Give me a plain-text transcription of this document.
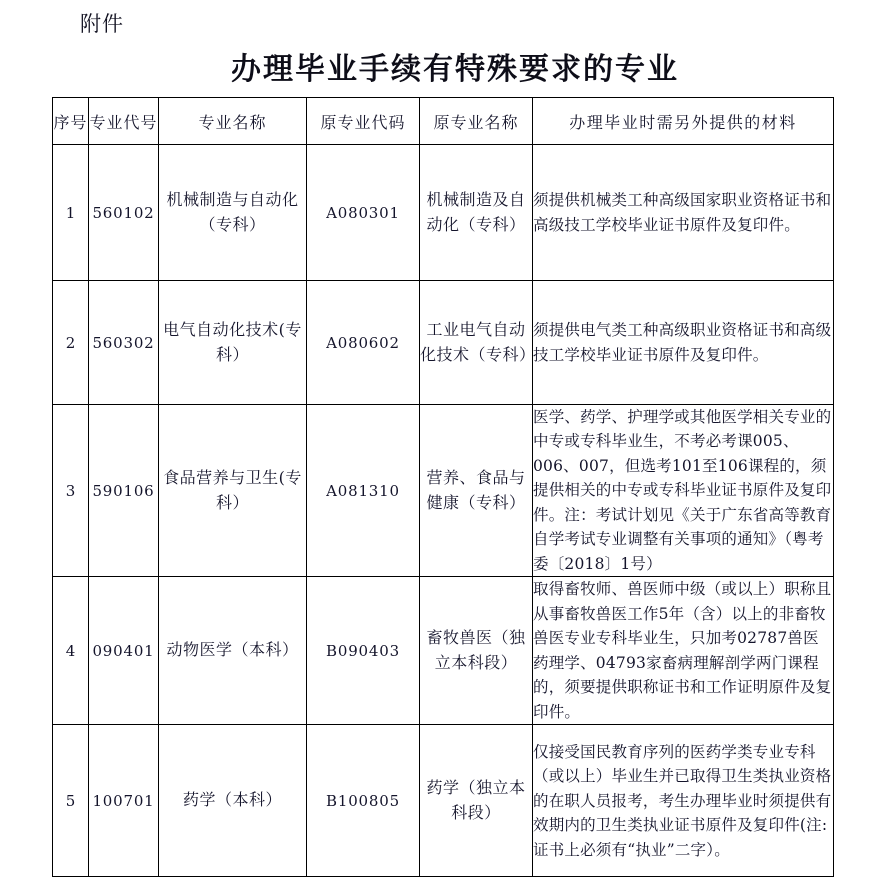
附件
办理毕业手续有特殊要求的专业
序号	专业代号	专业名称	原专业代码	原专业名称	办理毕业时需另外提供的材料
1	560102	机械制造与自动化（专科）	A080301	机械制造及自动化（专科）	须提供机械类工种高级国家职业资格证书和高级技工学校毕业证书原件及复印件。
2	560302	电气自动化技术(专科）	A080602	工业电气自动化技术（专科）	须提供电气类工种高级职业资格证书和高级技工学校毕业证书原件及复印件。
3	590106	食品营养与卫生(专科）	A081310	营养、食品与健康（专科）	医学、药学、护理学或其他医学相关专业的中专或专科毕业生，不考必考课005、006、007，但选考101至106课程的，须提供相关的中专或专科毕业证书原件及复印件。注：考试计划见《关于广东省高等教育自学考试专业调整有关事项的通知》（粤考委〔2018〕1号）
4	090401	动物医学（本科）	B090403	畜牧兽医（独立本科段）	取得畜牧师、兽医师中级（或以上）职称且从事畜牧兽医工作5年（含）以上的非畜牧兽医专业专科毕业生，只加考02787兽医药理学、04793家畜病理解剖学两门课程的，须要提供职称证书和工作证明原件及复印件。
5	100701	药学（本科）	B100805	药学（独立本科段）	仅接受国民教育序列的医药学类专业专科（或以上）毕业生并已取得卫生类执业资格的在职人员报考，考生办理毕业时须提供有效期内的卫生类执业证书原件及复印件(注: 证书上必须有“执业”二字）。
